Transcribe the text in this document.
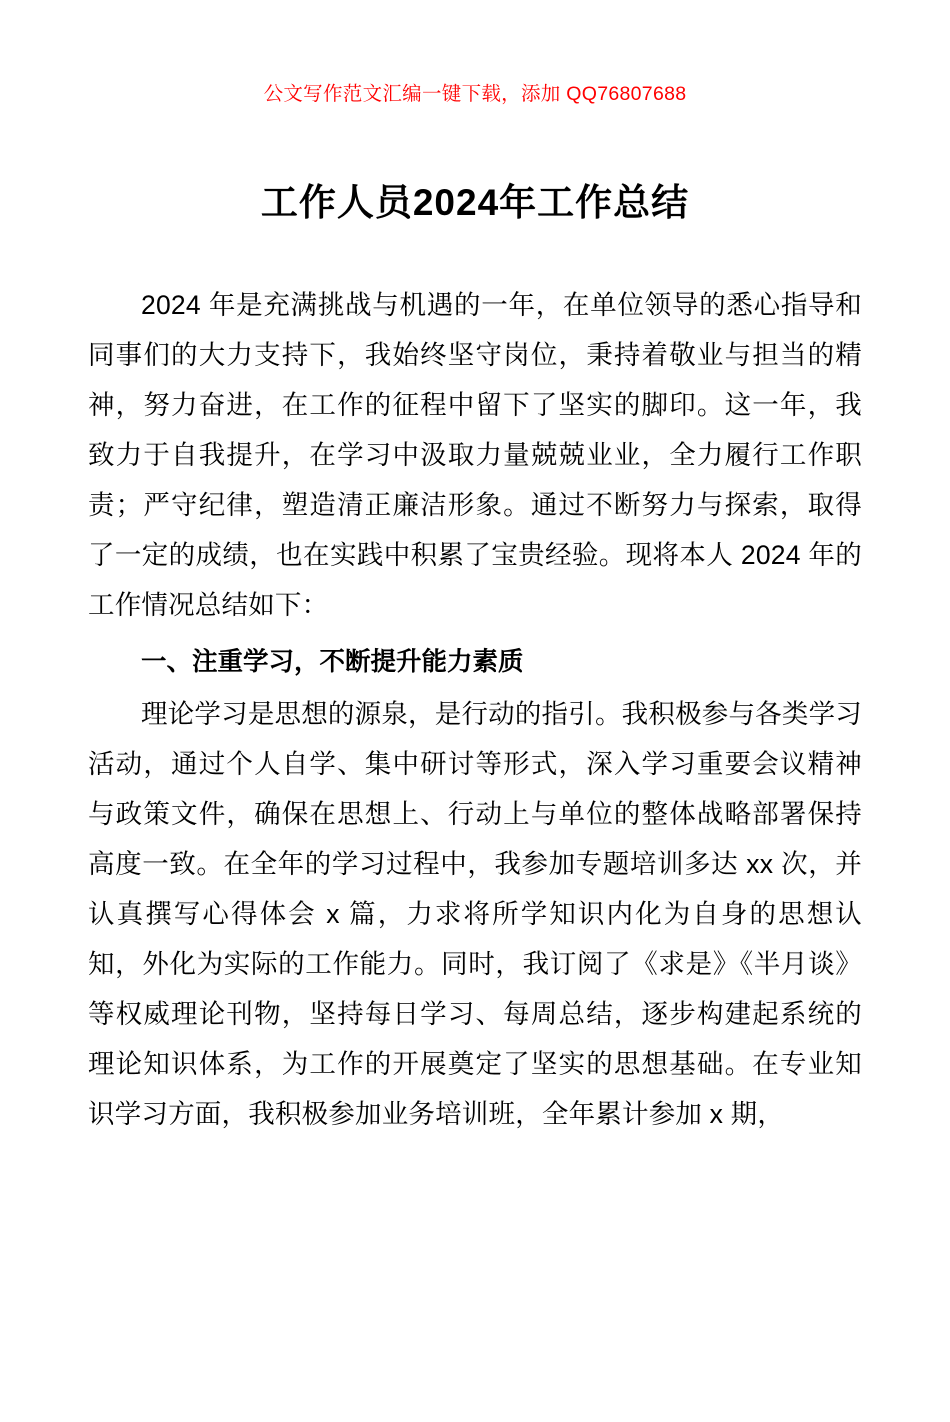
公文写作范文汇编一键下载，添加 QQ76807688
工作人员2024年工作总结

2024 年是充满挑战与机遇的一年，在单位领导的悉心指导和同事们的大力支持下，我始终坚守岗位，秉持着敬业与担当的精神，努力奋进，在工作的征程中留下了坚实的脚印。这一年，我致力于自我提升，在学习中汲取力量兢兢业业，全力履行工作职责；严守纪律，塑造清正廉洁形象。通过不断努力与探索，取得了一定的成绩，也在实践中积累了宝贵经验。现将本人 2024 年的工作情况总结如下：

一、注重学习，不断提升能力素质

理论学习是思想的源泉，是行动的指引。我积极参与各类学习活动，通过个人自学、集中研讨等形式，深入学习重要会议精神与政策文件，确保在思想上、行动上与单位的整体战略部署保持高度一致。在全年的学习过程中，我参加专题培训多达 xx 次，并认真撰写心得体会 x 篇，力求将所学知识内化为自身的思想认知，外化为实际的工作能力。同时，我订阅了《求是》《半月谈》等权威理论刊物，坚持每日学习、每周总结，逐步构建起系统的理论知识体系，为工作的开展奠定了坚实的思想基础。在专业知识学习方面，我积极参加业务培训班，全年累计参加 x 期，
